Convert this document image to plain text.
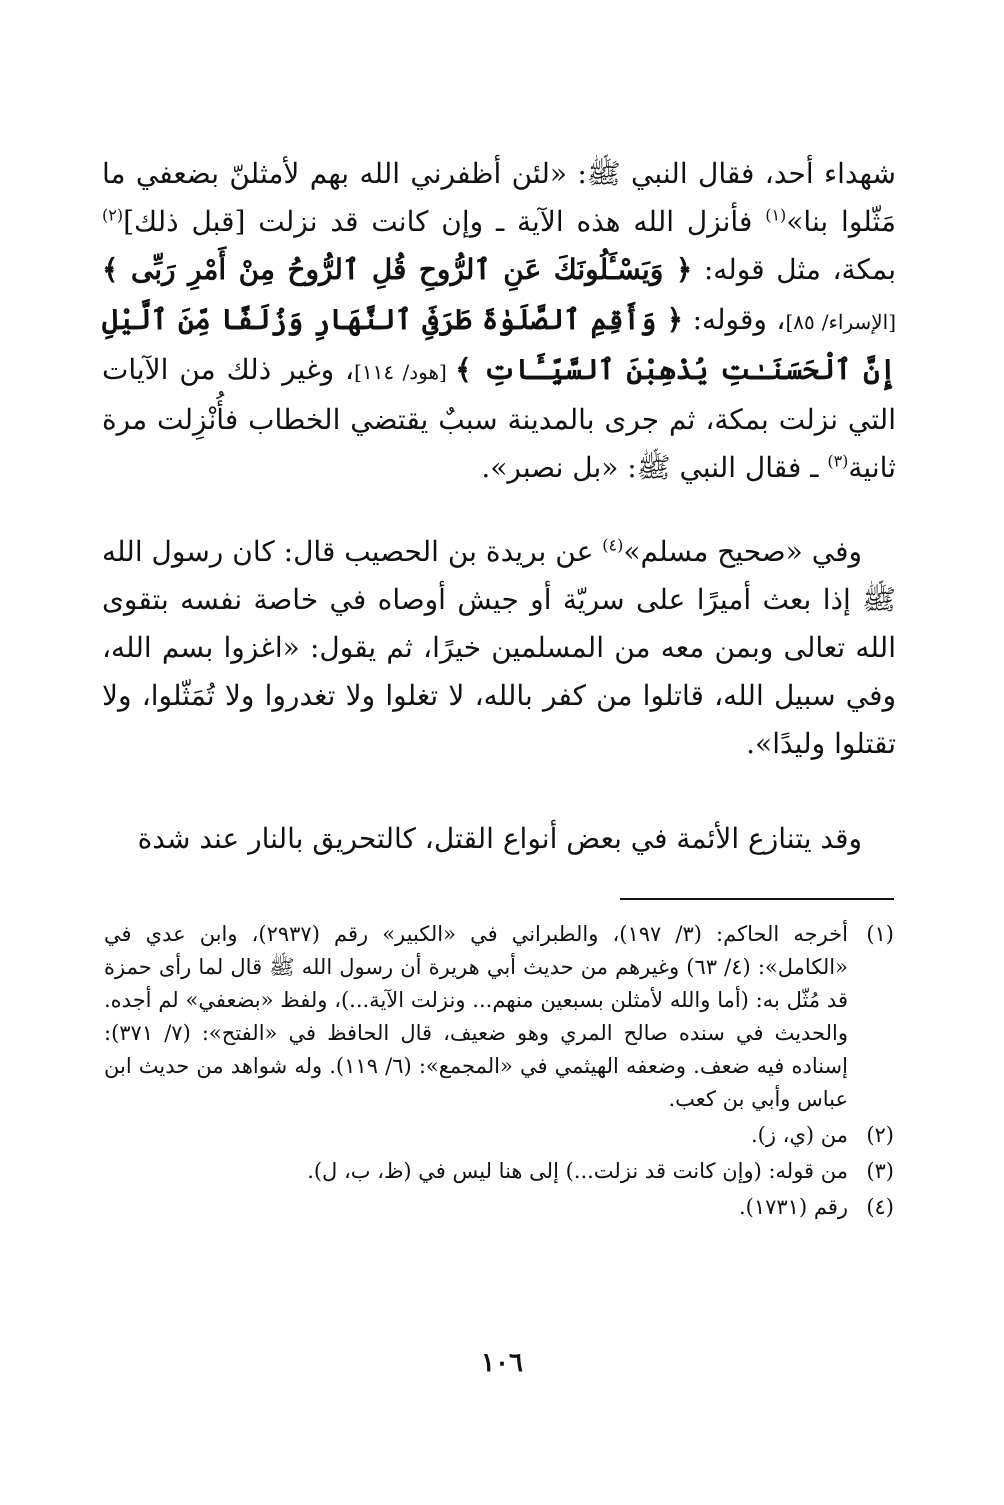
شهداء أحد، فقال النبي ﷺ: «لئن أظفرني الله بهم لأمثلنّ بضعفي ما مَثّلوا بنا»$^{(١)}$ فأنزل الله هذه الآية ـ وإن كانت قد نزلت [قبل ذلك]$^{(٢)}$ بمكة، مثل قوله: ﴿ وَيَسْـَٔلُونَكَ عَنِ ٱلرُّوحِ قُلِ ٱلرُّوحُ مِنْ أَمْرِ رَبِّى ﴾ [الإسراء/ ٨٥]، وقوله: ﴿ وَأَقِمِ ٱلصَّلَوٰةَ طَرَفَىِ ٱلنَّهَارِ وَزُلَفًا مِّنَ ٱلَّيْلِ إِنَّ ٱلْحَسَنَـٰتِ يُذْهِبْنَ ٱلسَّيِّـَٔاتِ ﴾ [هود/ ١١٤]، وغير ذلك من الآيات التي نزلت بمكة، ثم جرى بالمدينة سببٌ يقتضي الخطاب فأُنْزِلت مرة ثانية$^{(٣)}$ ـ فقال النبي ﷺ: «بل نصبر».

وفي «صحيح مسلم»$^{(٤)}$ عن بريدة بن الحصيب قال: كان رسول الله ﷺ إذا بعث أميرًا على سريّة أو جيش أوصاه في خاصة نفسه بتقوى الله تعالى وبمن معه من المسلمين خيرًا، ثم يقول: «اغزوا بسم الله، وفي سبيل الله، قاتلوا من كفر بالله، لا تغلوا ولا تغدروا ولا تُمَثّلوا، ولا تقتلوا وليدًا».

وقد يتنازع الأئمة في بعض أنواع القتل، كالتحريق بالنار عند شدة

(١)
أخرجه الحاكم: (٣/ ١٩٧)، والطبراني في «الكبير» رقم (٢٩٣٧)، وابن عدي في «الكامل»: (٤/ ٦٣) وغيرهم من حديث أبي هريرة أن رسول الله ﷺ قال لما رأى حمزة قد مُثّل به: (أما والله لأمثلن بسبعين منهم... ونزلت الآية...)، ولفظ «بضعفي» لم أجده. والحديث في سنده صالح المري وهو ضعيف، قال الحافظ في «الفتح»: (٧/ ٣٧١): إسناده فيه ضعف. وضعفه الهيثمي في «المجمع»: (٦/ ١١٩). وله شواهد من حديث ابن عباس وأبي بن كعب.
(٢)
من (ي، ز).
(٣)
من قوله: (وإن كانت قد نزلت...) إلى هنا ليس في (ظ، ب، ل).
(٤)
رقم (١٧٣١).
١٠٦
